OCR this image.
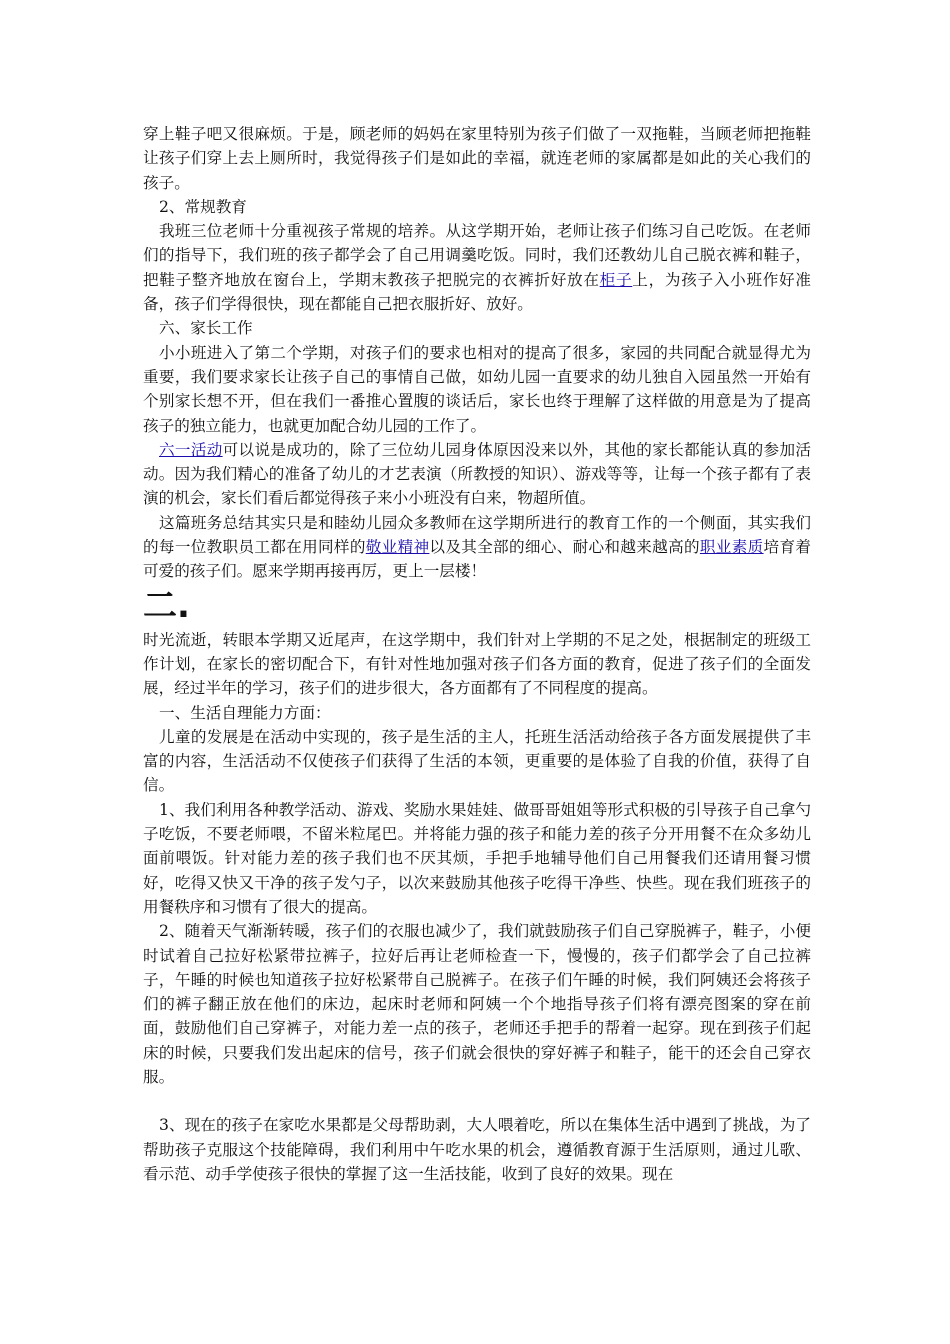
穿上鞋子吧又很麻烦。于是，顾老师的妈妈在家里特别为孩子们做了一双拖鞋，当顾老师把拖鞋让孩子们穿上去上厕所时，我觉得孩子们是如此的幸福，就连老师的家属都是如此的关心我们的孩子。

2、常规教育

我班三位老师十分重视孩子常规的培养。从这学期开始，老师让孩子们练习自己吃饭。在老师们的指导下，我们班的孩子都学会了自己用调羹吃饭。同时，我们还教幼儿自己脱衣裤和鞋子，把鞋子整齐地放在窗台上，学期末教孩子把脱完的衣裤折好放在柜子上，为孩子入小班作好准备，孩子们学得很快，现在都能自己把衣服折好、放好。

六、家长工作

小小班进入了第二个学期，对孩子们的要求也相对的提高了很多，家园的共同配合就显得尤为重要，我们要求家长让孩子自己的事情自己做，如幼儿园一直要求的幼儿独自入园虽然一开始有个别家长想不开，但在我们一番推心置腹的谈话后，家长也终于理解了这样做的用意是为了提高孩子的独立能力，也就更加配合幼儿园的工作了。

六一活动可以说是成功的，除了三位幼儿园身体原因没来以外，其他的家长都能认真的参加活动。因为我们精心的准备了幼儿的才艺表演（所教授的知识）、游戏等等，让每一个孩子都有了表演的机会，家长们看后都觉得孩子来小小班没有白来，物超所值。

这篇班务总结其实只是和睦幼儿园众多教师在这学期所进行的教育工作的一个侧面，其实我们的每一位教职员工都在用同样的敬业精神以及其全部的细心、耐心和越来越高的职业素质培育着可爱的孩子们。愿来学期再接再厉，更上一层楼！

二.

时光流逝，转眼本学期又近尾声，在这学期中，我们针对上学期的不足之处，根据制定的班级工作计划，在家长的密切配合下，有针对性地加强对孩子们各方面的教育，促进了孩子们的全面发展，经过半年的学习，孩子们的进步很大，各方面都有了不同程度的提高。

一、生活自理能力方面：

儿童的发展是在活动中实现的，孩子是生活的主人，托班生活活动给孩子各方面发展提供了丰富的内容，生活活动不仅使孩子们获得了生活的本领，更重要的是体验了自我的价值，获得了自信。

1、我们利用各种教学活动、游戏、奖励水果娃娃、做哥哥姐姐等形式积极的引导孩子自己拿勺子吃饭，不要老师喂，不留米粒尾巴。并将能力强的孩子和能力差的孩子分开用餐不在众多幼儿面前喂饭。针对能力差的孩子我们也不厌其烦，手把手地辅导他们自己用餐我们还请用餐习惯好，吃得又快又干净的孩子发勺子，以次来鼓励其他孩子吃得干净些、快些。现在我们班孩子的用餐秩序和习惯有了很大的提高。

2、随着天气渐渐转暖，孩子们的衣服也减少了，我们就鼓励孩子们自己穿脱裤子，鞋子，小便时试着自己拉好松紧带拉裤子，拉好后再让老师检查一下，慢慢的，孩子们都学会了自己拉裤子，午睡的时候也知道孩子拉好松紧带自己脱裤子。在孩子们午睡的时候，我们阿姨还会将孩子们的裤子翻正放在他们的床边，起床时老师和阿姨一个个地指导孩子们将有漂亮图案的穿在前面，鼓励他们自己穿裤子，对能力差一点的孩子，老师还手把手的帮着一起穿。现在到孩子们起床的时候，只要我们发出起床的信号，孩子们就会很快的穿好裤子和鞋子，能干的还会自己穿衣服。

3、现在的孩子在家吃水果都是父母帮助剥，大人喂着吃，所以在集体生活中遇到了挑战，为了帮助孩子克服这个技能障碍，我们利用中午吃水果的机会，遵循教育源于生活原则，通过儿歌、看示范、动手学使孩子很快的掌握了这一生活技能，收到了良好的效果。现在
